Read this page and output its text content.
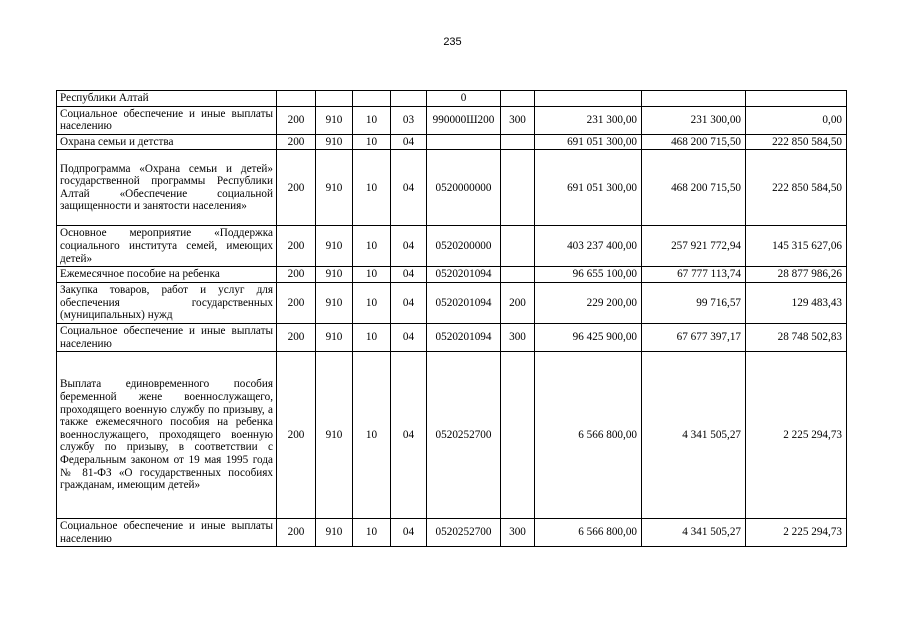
235
Республики Алтай					0				
Социальное обеспечение и иные выплаты населению	200	910	10	03	990000Ш200	300	231 300,00	231 300,00	0,00
Охрана семьи и детства	200	910	10	04			691 051 300,00	468 200 715,50	222 850 584,50
Подпрограмма «Охрана семьи и детей» государственной программы Республики Алтай «Обеспечение социальной защищенности и занятости населения»	200	910	10	04	0520000000		691 051 300,00	468 200 715,50	222 850 584,50
Основное мероприятие «Поддержка социального института семей, имеющих детей»	200	910	10	04	0520200000		403 237 400,00	257 921 772,94	145 315 627,06
Ежемесячное пособие на ребенка	200	910	10	04	0520201094		96 655 100,00	67 777 113,74	28 877 986,26
Закупка товаров, работ и услуг для обеспечения государственных (муниципальных) нужд	200	910	10	04	0520201094	200	229 200,00	99 716,57	129 483,43
Социальное обеспечение и иные выплаты населению	200	910	10	04	0520201094	300	96 425 900,00	67 677 397,17	28 748 502,83
Выплата единовременного пособия беременной жене военнослужащего, проходящего военную службу по призыву, а также ежемесячного пособия на ребенка военнослужащего, проходящего военную службу по призыву, в соответствии с Федеральным законом от 19 мая 1995 года № 81-ФЗ «О государственных пособиях гражданам, имеющим детей»	200	910	10	04	0520252700		6 566 800,00	4 341 505,27	2 225 294,73
Социальное обеспечение и иные выплаты населению	200	910	10	04	0520252700	300	6 566 800,00	4 341 505,27	2 225 294,73
